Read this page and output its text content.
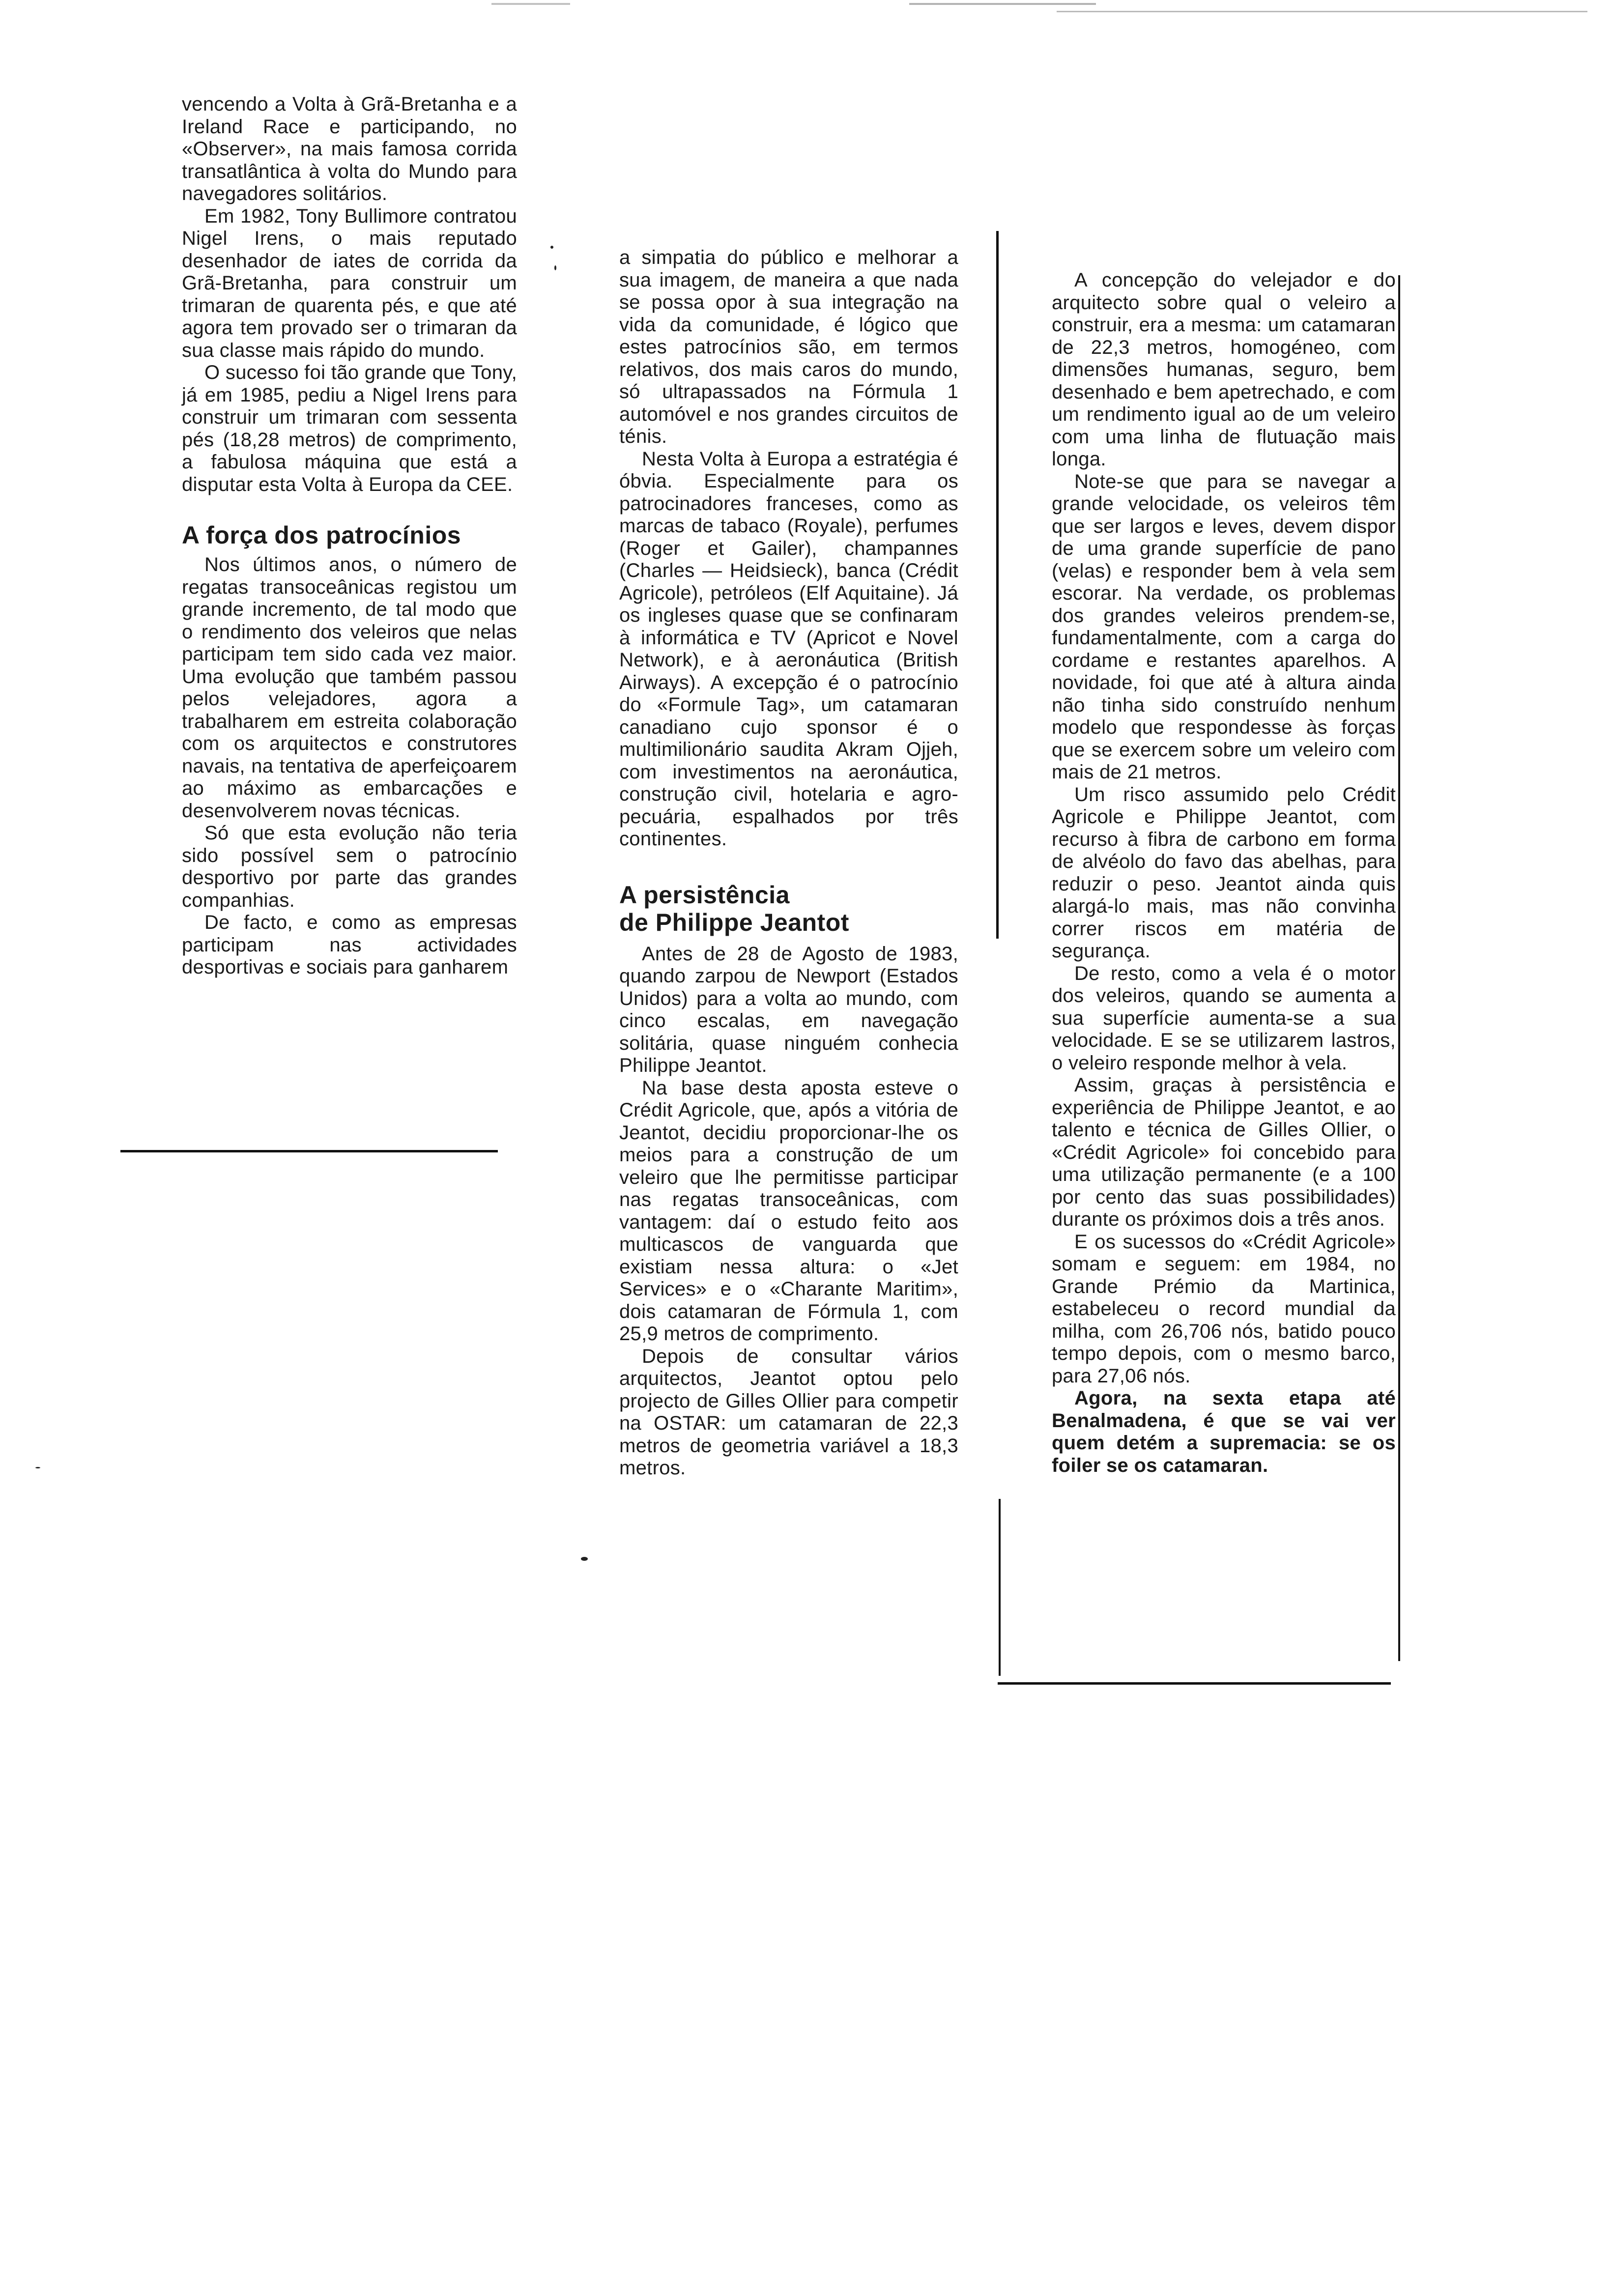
vencendo a Volta à Grã-Bretanha e a Ireland Race e participando, no «Observer», na mais famosa corrida transatlântica à volta do Mundo para navegadores solitários.

Em 1982, Tony Bullimore contratou Nigel Irens, o mais reputado desenhador de iates de corrida da Grã-Bretanha, para construir um trimaran de quarenta pés, e que até agora tem provado ser o trimaran da sua classe mais rápido do mundo.

O sucesso foi tão grande que Tony, já em 1985, pediu a Nigel Irens para construir um trimaran com sessenta pés (18,28 metros) de comprimento, a fabulosa máquina que está a disputar esta Volta à Europa da CEE.

A força dos patrocínios

Nos últimos anos, o número de regatas transoceânicas registou um grande incremento, de tal modo que o rendimento dos veleiros que nelas participam tem sido cada vez maior. Uma evolução que também passou pelos velejadores, agora a trabalharem em estreita colaboração com os arquitectos e construtores navais, na tentativa de aperfeiçoarem ao máximo as embarcações e desenvolverem novas técnicas.

Só que esta evolução não teria sido possível sem o patrocínio desportivo por parte das grandes companhias.

De facto, e como as empresas participam nas actividades desportivas e sociais para ganharem

a simpatia do público e melhorar a sua imagem, de maneira a que nada se possa opor à sua integração na vida da comunidade, é lógico que estes patrocínios são, em termos relativos, dos mais caros do mundo, só ultrapassados na Fórmula 1 automóvel e nos grandes circuitos de ténis.

Nesta Volta à Europa a estratégia é óbvia. Especialmente para os patrocinadores franceses, como as marcas de tabaco (Royale), perfumes (Roger et Gailer), champannes (Charles — Heidsieck), banca (Crédit Agricole), petróleos (Elf Aquitaine). Já os ingleses quase que se confinaram à informática e TV (Apricot e Novel Network), e à aeronáutica (British Airways). A excepção é o patrocínio do «Formule Tag», um catamaran canadiano cujo sponsor é o multimilionário saudita Akram Ojjeh, com investimentos na aeronáutica, construção civil, hotelaria e agro-pecuária, espalhados por três continentes.

A persistência
de Philippe Jeantot

Antes de 28 de Agosto de 1983, quando zarpou de Newport (Estados Unidos) para a volta ao mundo, com cinco escalas, em navegação solitária, quase ninguém conhecia Philippe Jeantot.

Na base desta aposta esteve o Crédit Agricole, que, após a vitória de Jeantot, decidiu proporcionar-lhe os meios para a construção de um veleiro que lhe permitisse participar nas regatas transoceânicas, com vantagem: daí o estudo feito aos multicascos de vanguarda que existiam nessa altura: o «Jet Services» e o «Charante Maritim», dois catamaran de Fórmula 1, com 25,9 metros de comprimento.

Depois de consultar vários arquitectos, Jeantot optou pelo projecto de Gilles Ollier para competir na OSTAR: um catamaran de 22,3 metros de geometria variável a 18,3 metros.

A concepção do velejador e do arquitecto sobre qual o veleiro a construir, era a mesma: um catamaran de 22,3 metros, homogéneo, com dimensões humanas, seguro, bem desenhado e bem apetrechado, e com um rendimento igual ao de um veleiro com uma linha de flutuação mais longa.

Note-se que para se navegar a grande velocidade, os veleiros têm que ser largos e leves, devem dispor de uma grande superfície de pano (velas) e responder bem à vela sem escorar. Na verdade, os problemas dos grandes veleiros prendem-se, fundamentalmente, com a carga do cordame e restantes aparelhos. A novidade, foi que até à altura ainda não tinha sido construído nenhum modelo que respondesse às forças que se exercem sobre um veleiro com mais de 21 metros.

Um risco assumido pelo Crédit Agricole e Philippe Jeantot, com recurso à fibra de carbono em forma de alvéolo do favo das abelhas, para reduzir o peso. Jeantot ainda quis alargá-lo mais, mas não convinha correr riscos em matéria de segurança.

De resto, como a vela é o motor dos veleiros, quando se aumenta a sua superfície aumenta-se a sua velocidade. E se se utilizarem lastros, o veleiro responde melhor à vela.

Assim, graças à persistência e experiência de Philippe Jeantot, e ao talento e técnica de Gilles Ollier, o «Crédit Agricole» foi concebido para uma utilização permanente (e a 100 por cento das suas possibilidades) durante os próximos dois a três anos.

E os sucessos do «Crédit Agricole» somam e seguem: em 1984, no Grande Prémio da Martinica, estabeleceu o record mundial da milha, com 26,706 nós, batido pouco tempo depois, com o mesmo barco, para 27,06 nós.

Agora, na sexta etapa até Benalmadena, é que se vai ver quem detém a supremacia: se os foiler se os catamaran.
